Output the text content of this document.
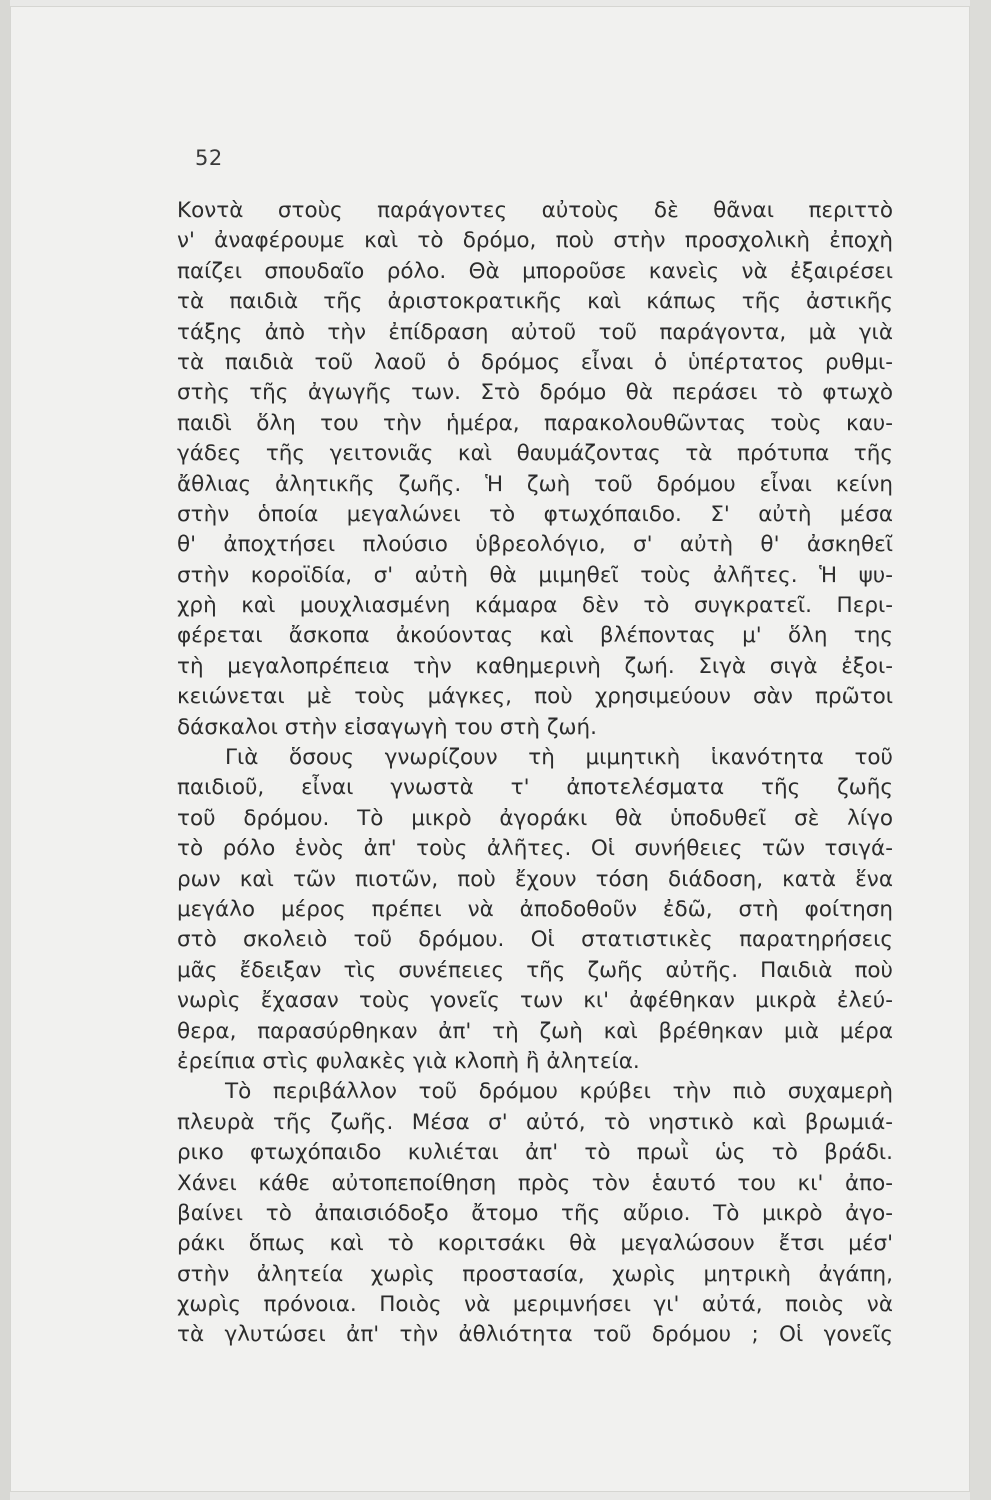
52
Κοντὰ στοὺς παράγοντες αὐτοὺς δὲ θᾶναι περιττὸ
ν' ἀναφέρουμε καὶ τὸ δρόμο, ποὺ στὴν προσχολικὴ ἐποχὴ
παίζει σπουδαῖο ρόλο. Θὰ μποροῦσε κανεὶς νὰ ἐξαιρέσει
τὰ παιδιὰ τῆς ἀριστοκρατικῆς καὶ κάπως τῆς ἀστικῆς
τάξης ἀπὸ τὴν ἐπίδραση αὐτοῦ τοῦ παράγοντα, μὰ γιὰ
τὰ παιδιὰ τοῦ λαοῦ ὁ δρόμος εἶναι ὁ ὑπέρτατος ρυθμι-
στὴς τῆς ἀγωγῆς των. Στὸ δρόμο θὰ περάσει τὸ φτωχὸ
παιδὶ ὅλη του τὴν ἡμέρα, παρακολουθῶντας τοὺς καυ-
γάδες τῆς γειτονιᾶς καὶ θαυμάζοντας τὰ πρότυπα τῆς
ἄθλιας ἀλητικῆς ζωῆς. Ἡ ζωὴ τοῦ δρόμου εἶναι κείνη
στὴν ὁποία μεγαλώνει τὸ φτωχόπαιδο. Σ' αὐτὴ μέσα
θ' ἀποχτήσει πλούσιο ὑβρεολόγιο, σ' αὐτὴ θ' ἀσκηθεῖ
στὴν κοροϊδία, σ' αὐτὴ θὰ μιμηθεῖ τοὺς ἀλῆτες. Ἡ ψυ-
χρὴ καὶ μουχλιασμένη κάμαρα δὲν τὸ συγκρατεῖ. Περι-
φέρεται ἄσκοπα ἀκούοντας καὶ βλέποντας μ' ὅλη της
τὴ μεγαλοπρέπεια τὴν καθημερινὴ ζωή. Σιγὰ σιγὰ ἐξοι-
κειώνεται μὲ τοὺς μάγκες, ποὺ χρησιμεύουν σὰν πρῶτοι
δάσκαλοι στὴν εἰσαγωγὴ του στὴ ζωή.
Γιὰ ὅσους γνωρίζουν τὴ μιμητικὴ ἱκανότητα τοῦ
παιδιοῦ, εἶναι γνωστὰ τ' ἀποτελέσματα τῆς ζωῆς
τοῦ δρόμου. Τὸ μικρὸ ἀγοράκι θὰ ὑποδυθεῖ σὲ λίγο
τὸ ρόλο ἑνὸς ἀπ' τοὺς ἀλῆτες. Οἱ συνήθειες τῶν τσιγά-
ρων καὶ τῶν πιοτῶν, ποὺ ἔχουν τόση διάδοση, κατὰ ἕνα
μεγάλο μέρος πρέπει νὰ ἀποδοθοῦν ἐδῶ, στὴ φοίτηση
στὸ σκολειὸ τοῦ δρόμου. Οἱ στατιστικὲς παρατηρήσεις
μᾶς ἔδειξαν τὶς συνέπειες τῆς ζωῆς αὐτῆς. Παιδιὰ ποὺ
νωρὶς ἔχασαν τοὺς γονεῖς των κι' ἀφέθηκαν μικρὰ ἐλεύ-
θερα, παρασύρθηκαν ἀπ' τὴ ζωὴ καὶ βρέθηκαν μιὰ μέρα
ἐρείπια στὶς φυλακὲς γιὰ κλοπὴ ἢ ἀλητεία.
Τὸ περιβάλλον τοῦ δρόμου κρύβει τὴν πιὸ συχαμερὴ
πλευρὰ τῆς ζωῆς. Μέσα σ' αὐτό, τὸ νηστικὸ καὶ βρωμιά-
ρικο φτωχόπαιδο κυλιέται ἀπ' τὸ πρωῒ ὡς τὸ βράδι.
Χάνει κάθε αὐτοπεποίθηση πρὸς τὸν ἑαυτό του κι' ἀπο-
βαίνει τὸ ἀπαισιόδοξο ἄτομο τῆς αὔριο. Τὸ μικρὸ ἀγο-
ράκι ὅπως καὶ τὸ κοριτσάκι θὰ μεγαλώσουν ἔτσι μέσ'
στὴν ἀλητεία χωρὶς προστασία, χωρὶς μητρικὴ ἀγάπη,
χωρὶς πρόνοια. Ποιὸς νὰ μεριμνήσει γι' αὐτά, ποιὸς νὰ
τὰ γλυτώσει ἀπ' τὴν ἀθλιότητα τοῦ δρόμου ; Οἱ γονεῖς
